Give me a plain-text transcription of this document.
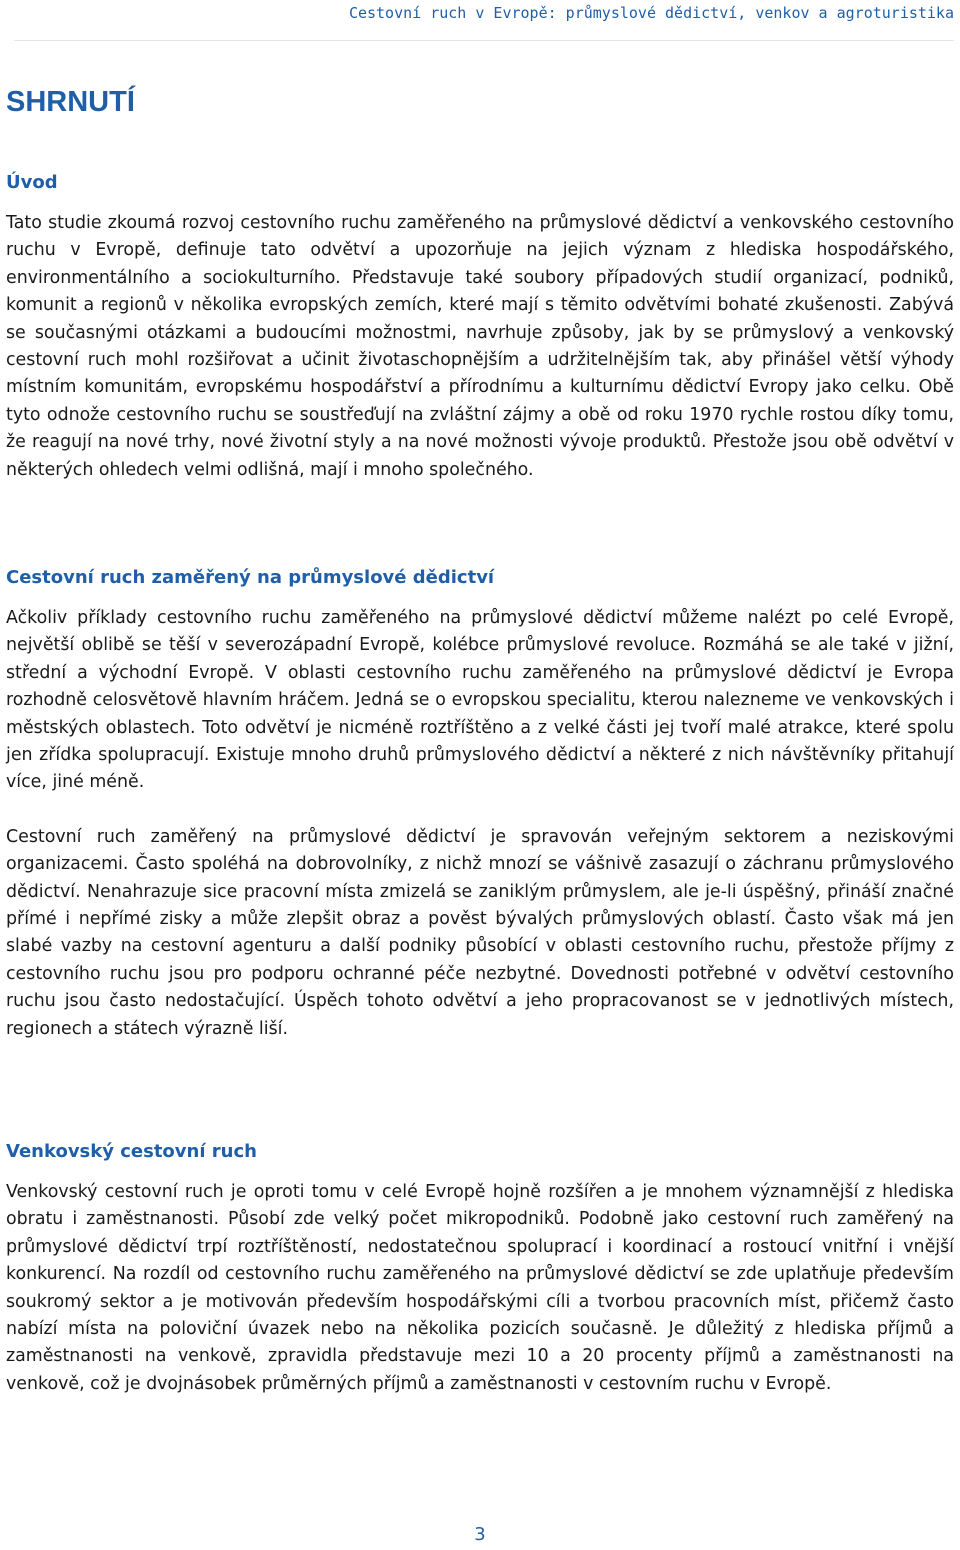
Cestovní ruch v Evropě: průmyslové dědictví, venkov a agroturistika
SHRNUTÍ
Úvod

Tato studie zkoumá rozvoj cestovního ruchu zaměřeného na průmyslové dědictví a venkovského cestovního ruchu v Evropě, definuje tato odvětví a upozorňuje na jejich význam z hlediska hospodářského, environmentálního a sociokulturního. Představuje také soubory případových studií organizací, podniků, komunit a regionů v několika evropských zemích, které mají s těmito odvětvími bohaté zkušenosti. Zabývá se současnými otázkami a budoucími možnostmi, navrhuje způsoby, jak by se průmyslový a venkovský cestovní ruch mohl rozšiřovat a učinit životaschopnějším a udržitelnějším tak, aby přinášel větší výhody místním komunitám, evropskému hospodářství a přírodnímu a kulturnímu dědictví Evropy jako celku. Obě tyto odnože cestovního ruchu se soustřeďují na zvláštní zájmy a obě od roku 1970 rychle rostou díky tomu, že reagují na nové trhy, nové životní styly a na nové možnosti vývoje produktů. Přestože jsou obě odvětví v některých ohledech velmi odlišná, mají i mnoho společného.

Cestovní ruch zaměřený na průmyslové dědictví

Ačkoliv příklady cestovního ruchu zaměřeného na průmyslové dědictví můžeme nalézt po celé Evropě, největší oblibě se těší v severozápadní Evropě, kolébce průmyslové revoluce. Rozmáhá se ale také v jižní, střední a východní Evropě. V oblasti cestovního ruchu zaměřeného na průmyslové dědictví je Evropa rozhodně celosvětově hlavním hráčem. Jedná se o evropskou specialitu, kterou nalezneme ve venkovských i městských oblastech. Toto odvětví je nicméně roztříštěno a z velké části jej tvoří malé atrakce, které spolu jen zřídka spolupracují. Existuje mnoho druhů průmyslového dědictví a některé z nich návštěvníky přitahují více, jiné méně.

Cestovní ruch zaměřený na průmyslové dědictví je spravován veřejným sektorem a neziskovými organizacemi. Často spoléhá na dobrovolníky, z nichž mnozí se vášnivě zasazují o záchranu průmyslového dědictví. Nenahrazuje sice pracovní místa zmizelá se zaniklým průmyslem, ale je-li úspěšný, přináší značné přímé i nepřímé zisky a může zlepšit obraz a pověst bývalých průmyslových oblastí. Často však má jen slabé vazby na cestovní agenturu a další podniky působící v oblasti cestovního ruchu, přestože příjmy z cestovního ruchu jsou pro podporu ochranné péče nezbytné. Dovednosti potřebné v odvětví cestovního ruchu jsou často nedostačující. Úspěch tohoto odvětví a jeho propracovanost se v jednotlivých místech, regionech a státech výrazně liší.

Venkovský cestovní ruch

Venkovský cestovní ruch je oproti tomu v celé Evropě hojně rozšířen a je mnohem významnější z hlediska obratu i zaměstnanosti. Působí zde velký počet mikropodniků. Podobně jako cestovní ruch zaměřený na průmyslové dědictví trpí roztříštěností, nedostatečnou spoluprací i koordinací a rostoucí vnitřní i vnější konkurencí. Na rozdíl od cestovního ruchu zaměřeného na průmyslové dědictví se zde uplatňuje především soukromý sektor a je motivován především hospodářskými cíli a tvorbou pracovních míst, přičemž často nabízí místa na poloviční úvazek nebo na několika pozicích současně. Je důležitý z hlediska příjmů a zaměstnanosti na venkově, zpravidla představuje mezi 10 a 20 procenty příjmů a zaměstnanosti na venkově, což je dvojnásobek průměrných příjmů a zaměstnanosti v cestovním ruchu v Evropě.

3
